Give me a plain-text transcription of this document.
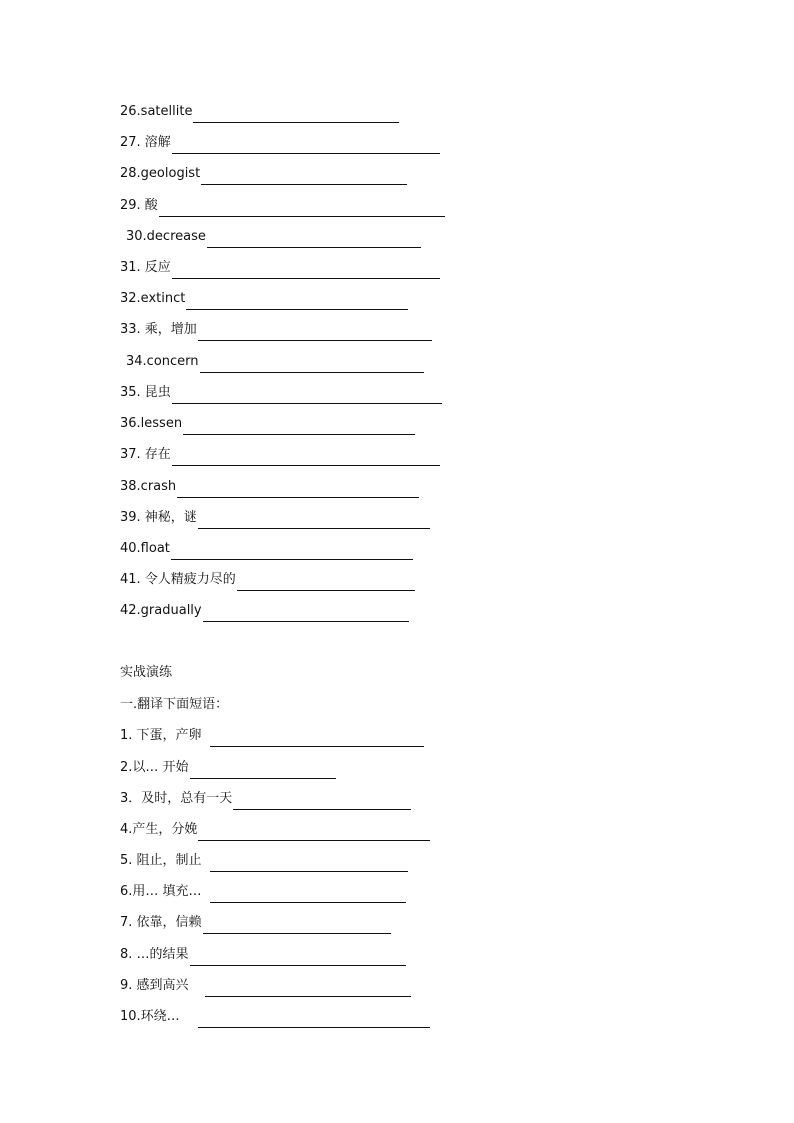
26.satellite
27. 溶解
28.geologist
29. 酸
30.decrease
31. 反应
32.extinct
33. 乘，增加
34.concern
35. 昆虫
36.lessen
37. 存在
38.crash
39. 神秘，谜
40.float
41. 令人精疲力尽的
42.gradually
实战演练
一.翻译下面短语：
1. 下蛋，产卵
2.以… 开始
3．及时，总有一天
4.产生，分娩
5. 阻止，制止
6.用… 填充…
7. 依靠，信赖
8. …的结果
9. 感到高兴
10.环绕…
